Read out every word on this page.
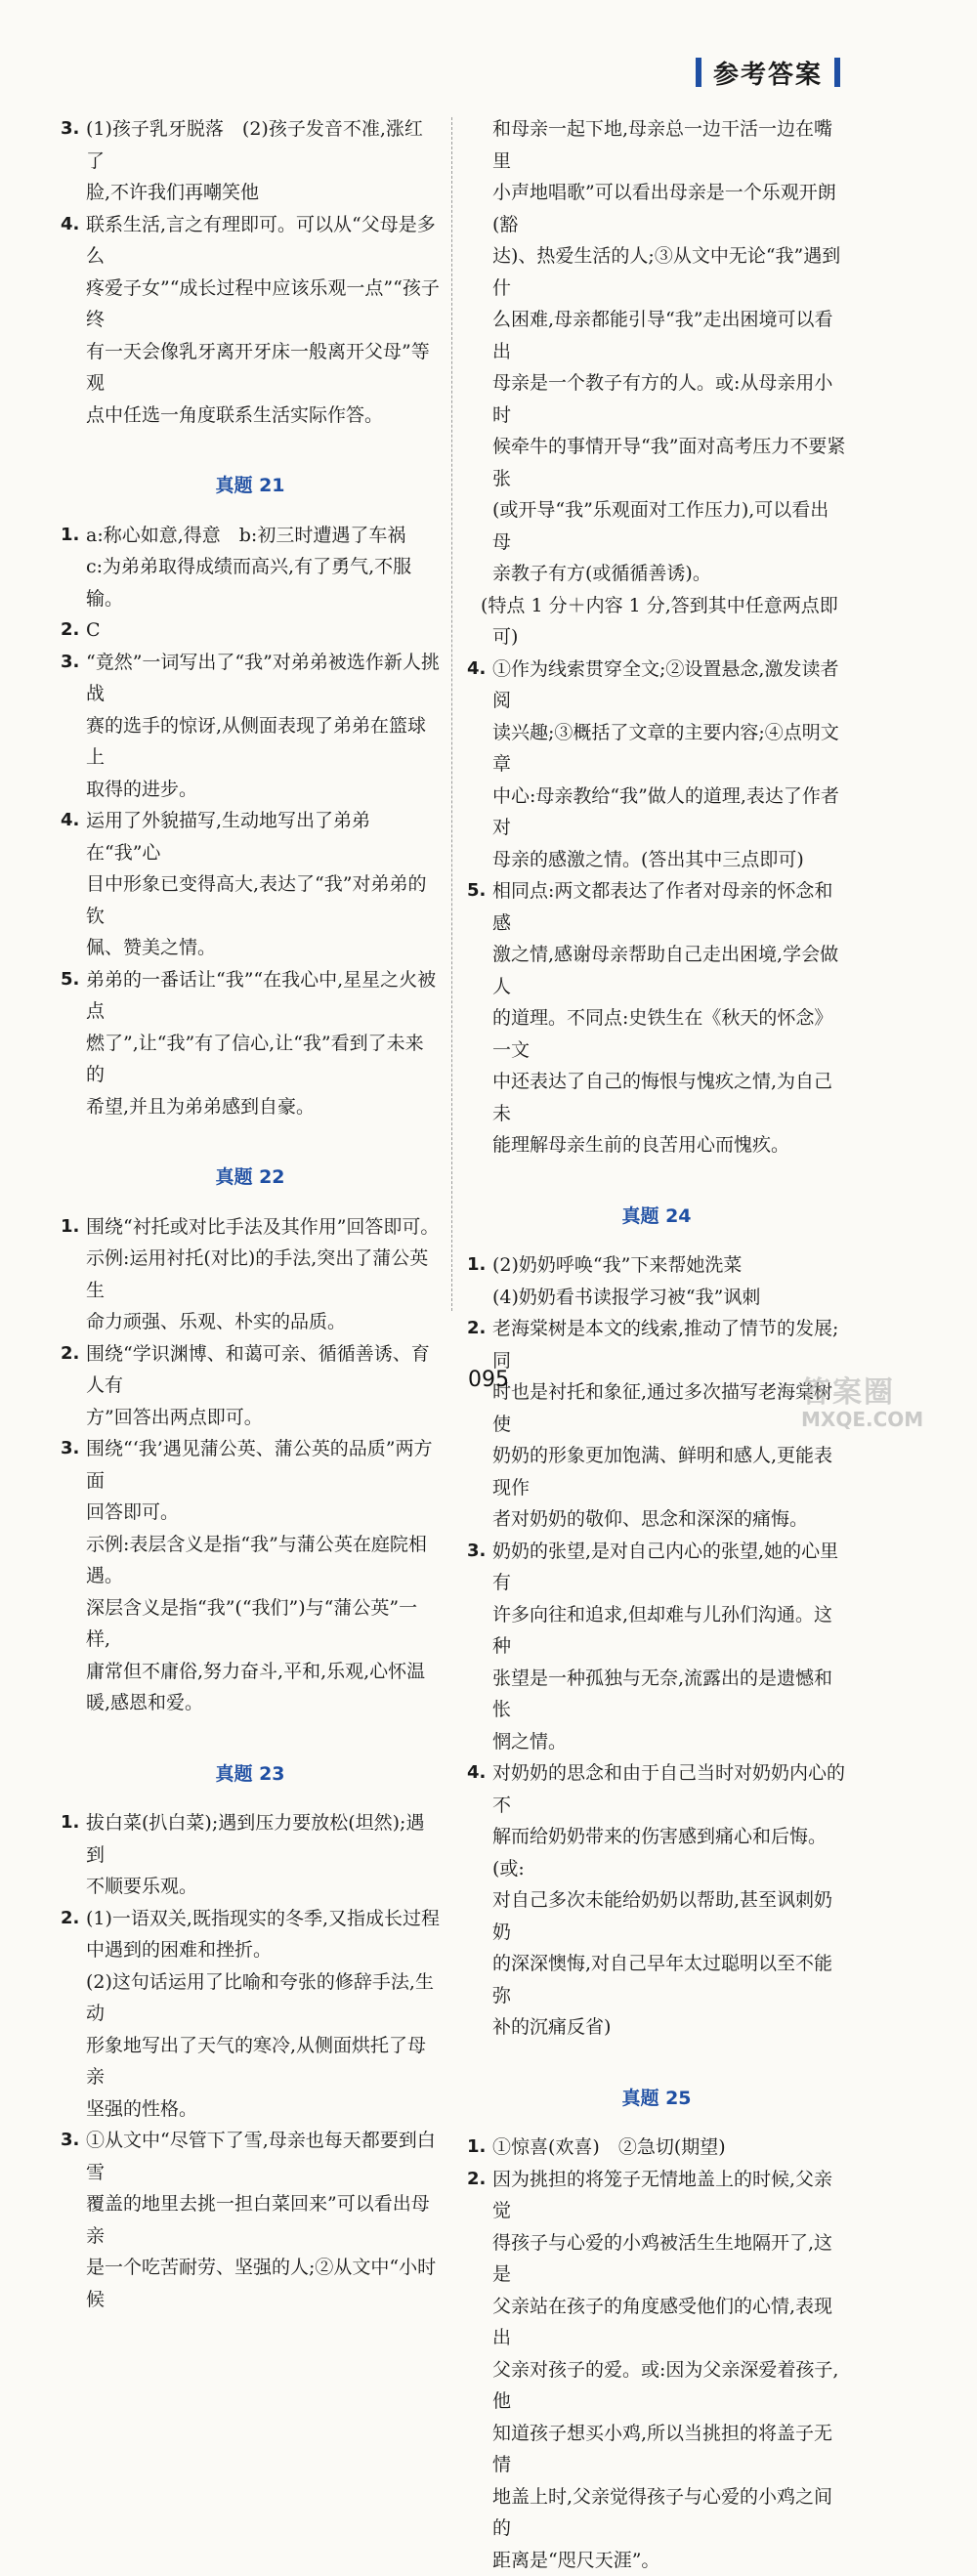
参考答案
3. (1)孩子乳牙脱落　(2)孩子发音不准,涨红了
脸,不许我们再嘲笑他
4. 联系生活,言之有理即可。可以从“父母是多么
疼爱子女”“成长过程中应该乐观一点”“孩子终
有一天会像乳牙离开牙床一般离开父母”等观
点中任选一角度联系生活实际作答。
真题 21
1. a:称心如意,得意　b:初三时遭遇了车祸
c:为弟弟取得成绩而高兴,有了勇气,不服输。
2. C
3. “竟然”一词写出了“我”对弟弟被选作新人挑战
赛的选手的惊讶,从侧面表现了弟弟在篮球上
取得的进步。
4. 运用了外貌描写,生动地写出了弟弟在“我”心
目中形象已变得高大,表达了“我”对弟弟的钦
佩、赞美之情。
5. 弟弟的一番话让“我”“在我心中,星星之火被点
燃了”,让“我”有了信心,让“我”看到了未来的
希望,并且为弟弟感到自豪。
真题 22
1. 围绕“衬托或对比手法及其作用”回答即可。
示例:运用衬托(对比)的手法,突出了蒲公英生
命力顽强、乐观、朴实的品质。
2. 围绕“学识渊博、和蔼可亲、循循善诱、育人有
方”回答出两点即可。
3. 围绕“‘我’遇见蒲公英、蒲公英的品质”两方面
回答即可。
示例:表层含义是指“我”与蒲公英在庭院相遇。
深层含义是指“我”(“我们”)与“蒲公英”一样,
庸常但不庸俗,努力奋斗,平和,乐观,心怀温
暖,感恩和爱。
真题 23
1. 拔白菜(扒白菜);遇到压力要放松(坦然);遇到
不顺要乐观。
2. (1)一语双关,既指现实的冬季,又指成长过程
中遇到的困难和挫折。
(2)这句话运用了比喻和夸张的修辞手法,生动
形象地写出了天气的寒冷,从侧面烘托了母亲
坚强的性格。
3. ①从文中“尽管下了雪,母亲也每天都要到白雪
覆盖的地里去挑一担白菜回来”可以看出母亲
是一个吃苦耐劳、坚强的人;②从文中“小时候
和母亲一起下地,母亲总一边干活一边在嘴里
小声地唱歌”可以看出母亲是一个乐观开朗(豁
达)、热爱生活的人;③从文中无论“我”遇到什
么困难,母亲都能引导“我”走出困境可以看出
母亲是一个教子有方的人。或:从母亲用小时
候牵牛的事情开导“我”面对高考压力不要紧张
(或开导“我”乐观面对工作压力),可以看出母
亲教子有方(或循循善诱)。
(特点 1 分＋内容 1 分,答到其中任意两点即
可)
4. ①作为线索贯穿全文;②设置悬念,激发读者阅
读兴趣;③概括了文章的主要内容;④点明文章
中心:母亲教给“我”做人的道理,表达了作者对
母亲的感激之情。(答出其中三点即可)
5. 相同点:两文都表达了作者对母亲的怀念和感
激之情,感谢母亲帮助自己走出困境,学会做人
的道理。不同点:史铁生在《秋天的怀念》一文
中还表达了自己的悔恨与愧疚之情,为自己未
能理解母亲生前的良苦用心而愧疚。
真题 24
1. (2)奶奶呼唤“我”下来帮她洗菜
(4)奶奶看书读报学习被“我”讽刺
2. 老海棠树是本文的线索,推动了情节的发展;同
时也是衬托和象征,通过多次描写老海棠树使
奶奶的形象更加饱满、鲜明和感人,更能表现作
者对奶奶的敬仰、思念和深深的痛悔。
3. 奶奶的张望,是对自己内心的张望,她的心里有
许多向往和追求,但却难与儿孙们沟通。这种
张望是一种孤独与无奈,流露出的是遗憾和怅
惘之情。
4. 对奶奶的思念和由于自己当时对奶奶内心的不
解而给奶奶带来的伤害感到痛心和后悔。(或:
对自己多次未能给奶奶以帮助,甚至讽刺奶奶
的深深懊悔,对自己早年太过聪明以至不能弥
补的沉痛反省)
真题 25
1. ①惊喜(欢喜)　②急切(期望)
2. 因为挑担的将笼子无情地盖上的时候,父亲觉
得孩子与心爱的小鸡被活生生地隔开了,这是
父亲站在孩子的角度感受他们的心情,表现出
父亲对孩子的爱。或:因为父亲深爱着孩子,他
知道孩子想买小鸡,所以当挑担的将盖子无情
地盖上时,父亲觉得孩子与心爱的小鸡之间的
距离是“咫尺天涯”。
095	答案圈
MXQE.COM
